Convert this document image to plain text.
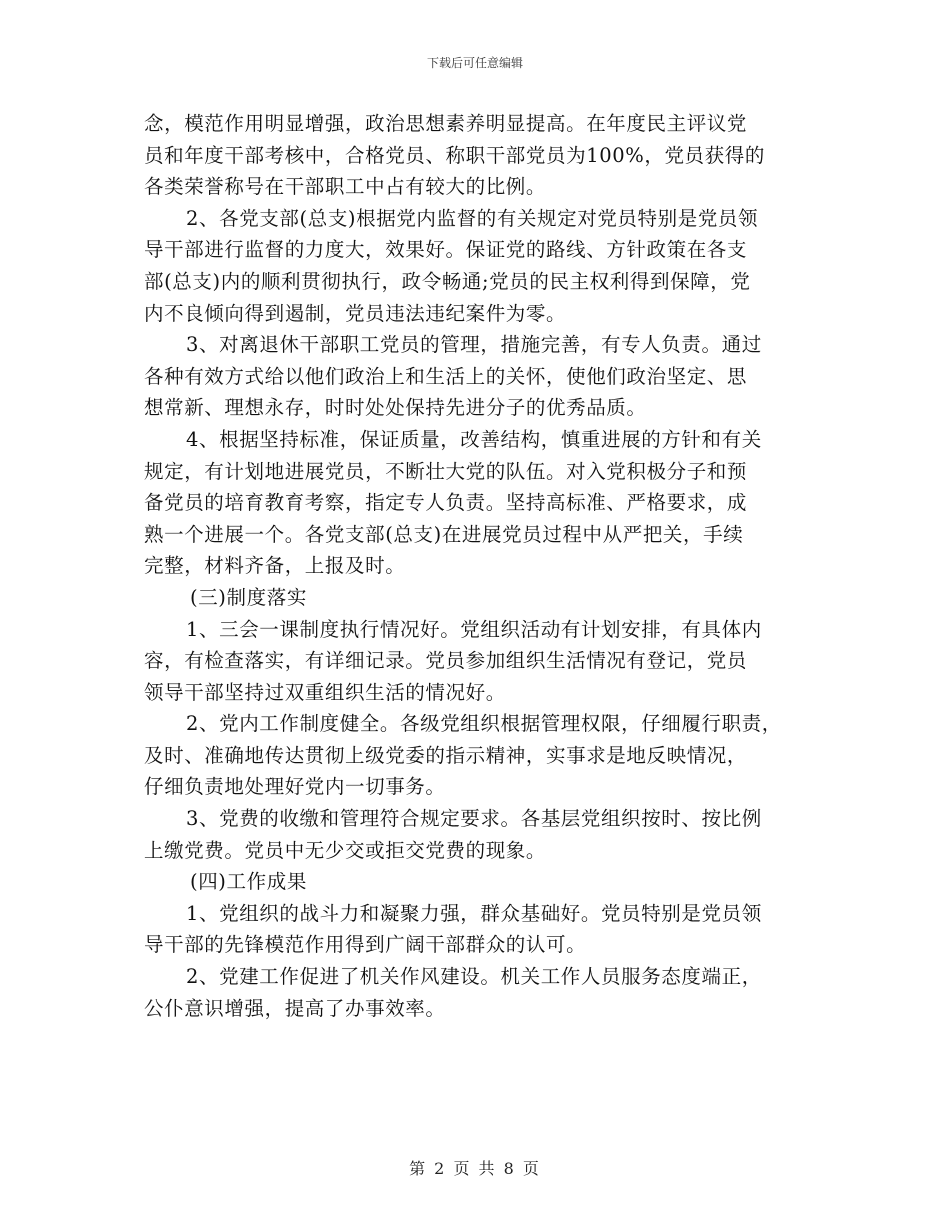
下载后可任意编辑
念，模范作用明显增强，政治思想素养明显提高。在年度民主评议党
员和年度干部考核中，合格党员、称职干部党员为100%，党员获得的
各类荣誉称号在干部职工中占有较大的比例。
2、各党支部(总支)根据党内监督的有关规定对党员特别是党员领
导干部进行监督的力度大，效果好。保证党的路线、方针政策在各支
部(总支)内的顺利贯彻执行，政令畅通;党员的民主权利得到保障，党
内不良倾向得到遏制，党员违法违纪案件为零。
3、对离退休干部职工党员的管理，措施完善，有专人负责。通过
各种有效方式给以他们政治上和生活上的关怀，使他们政治坚定、思
想常新、理想永存，时时处处保持先进分子的优秀品质。
4、根据坚持标准，保证质量，改善结构，慎重进展的方针和有关
规定，有计划地进展党员，不断壮大党的队伍。对入党积极分子和预
备党员的培育教育考察，指定专人负责。坚持高标准、严格要求，成
熟一个进展一个。各党支部(总支)在进展党员过程中从严把关，手续
完整，材料齐备，上报及时。
(三)制度落实
1、三会一课制度执行情况好。党组织活动有计划安排，有具体内
容，有检查落实，有详细记录。党员参加组织生活情况有登记，党员
领导干部坚持过双重组织生活的情况好。
2、党内工作制度健全。各级党组织根据管理权限，仔细履行职责，
及时、准确地传达贯彻上级党委的指示精神，实事求是地反映情况，
仔细负责地处理好党内一切事务。
3、党费的收缴和管理符合规定要求。各基层党组织按时、按比例
上缴党费。党员中无少交或拒交党费的现象。
(四)工作成果
1、党组织的战斗力和凝聚力强，群众基础好。党员特别是党员领
导干部的先锋模范作用得到广阔干部群众的认可。
2、党建工作促进了机关作风建设。机关工作人员服务态度端正，
公仆意识增强，提高了办事效率。
第 2 页 共 8 页
